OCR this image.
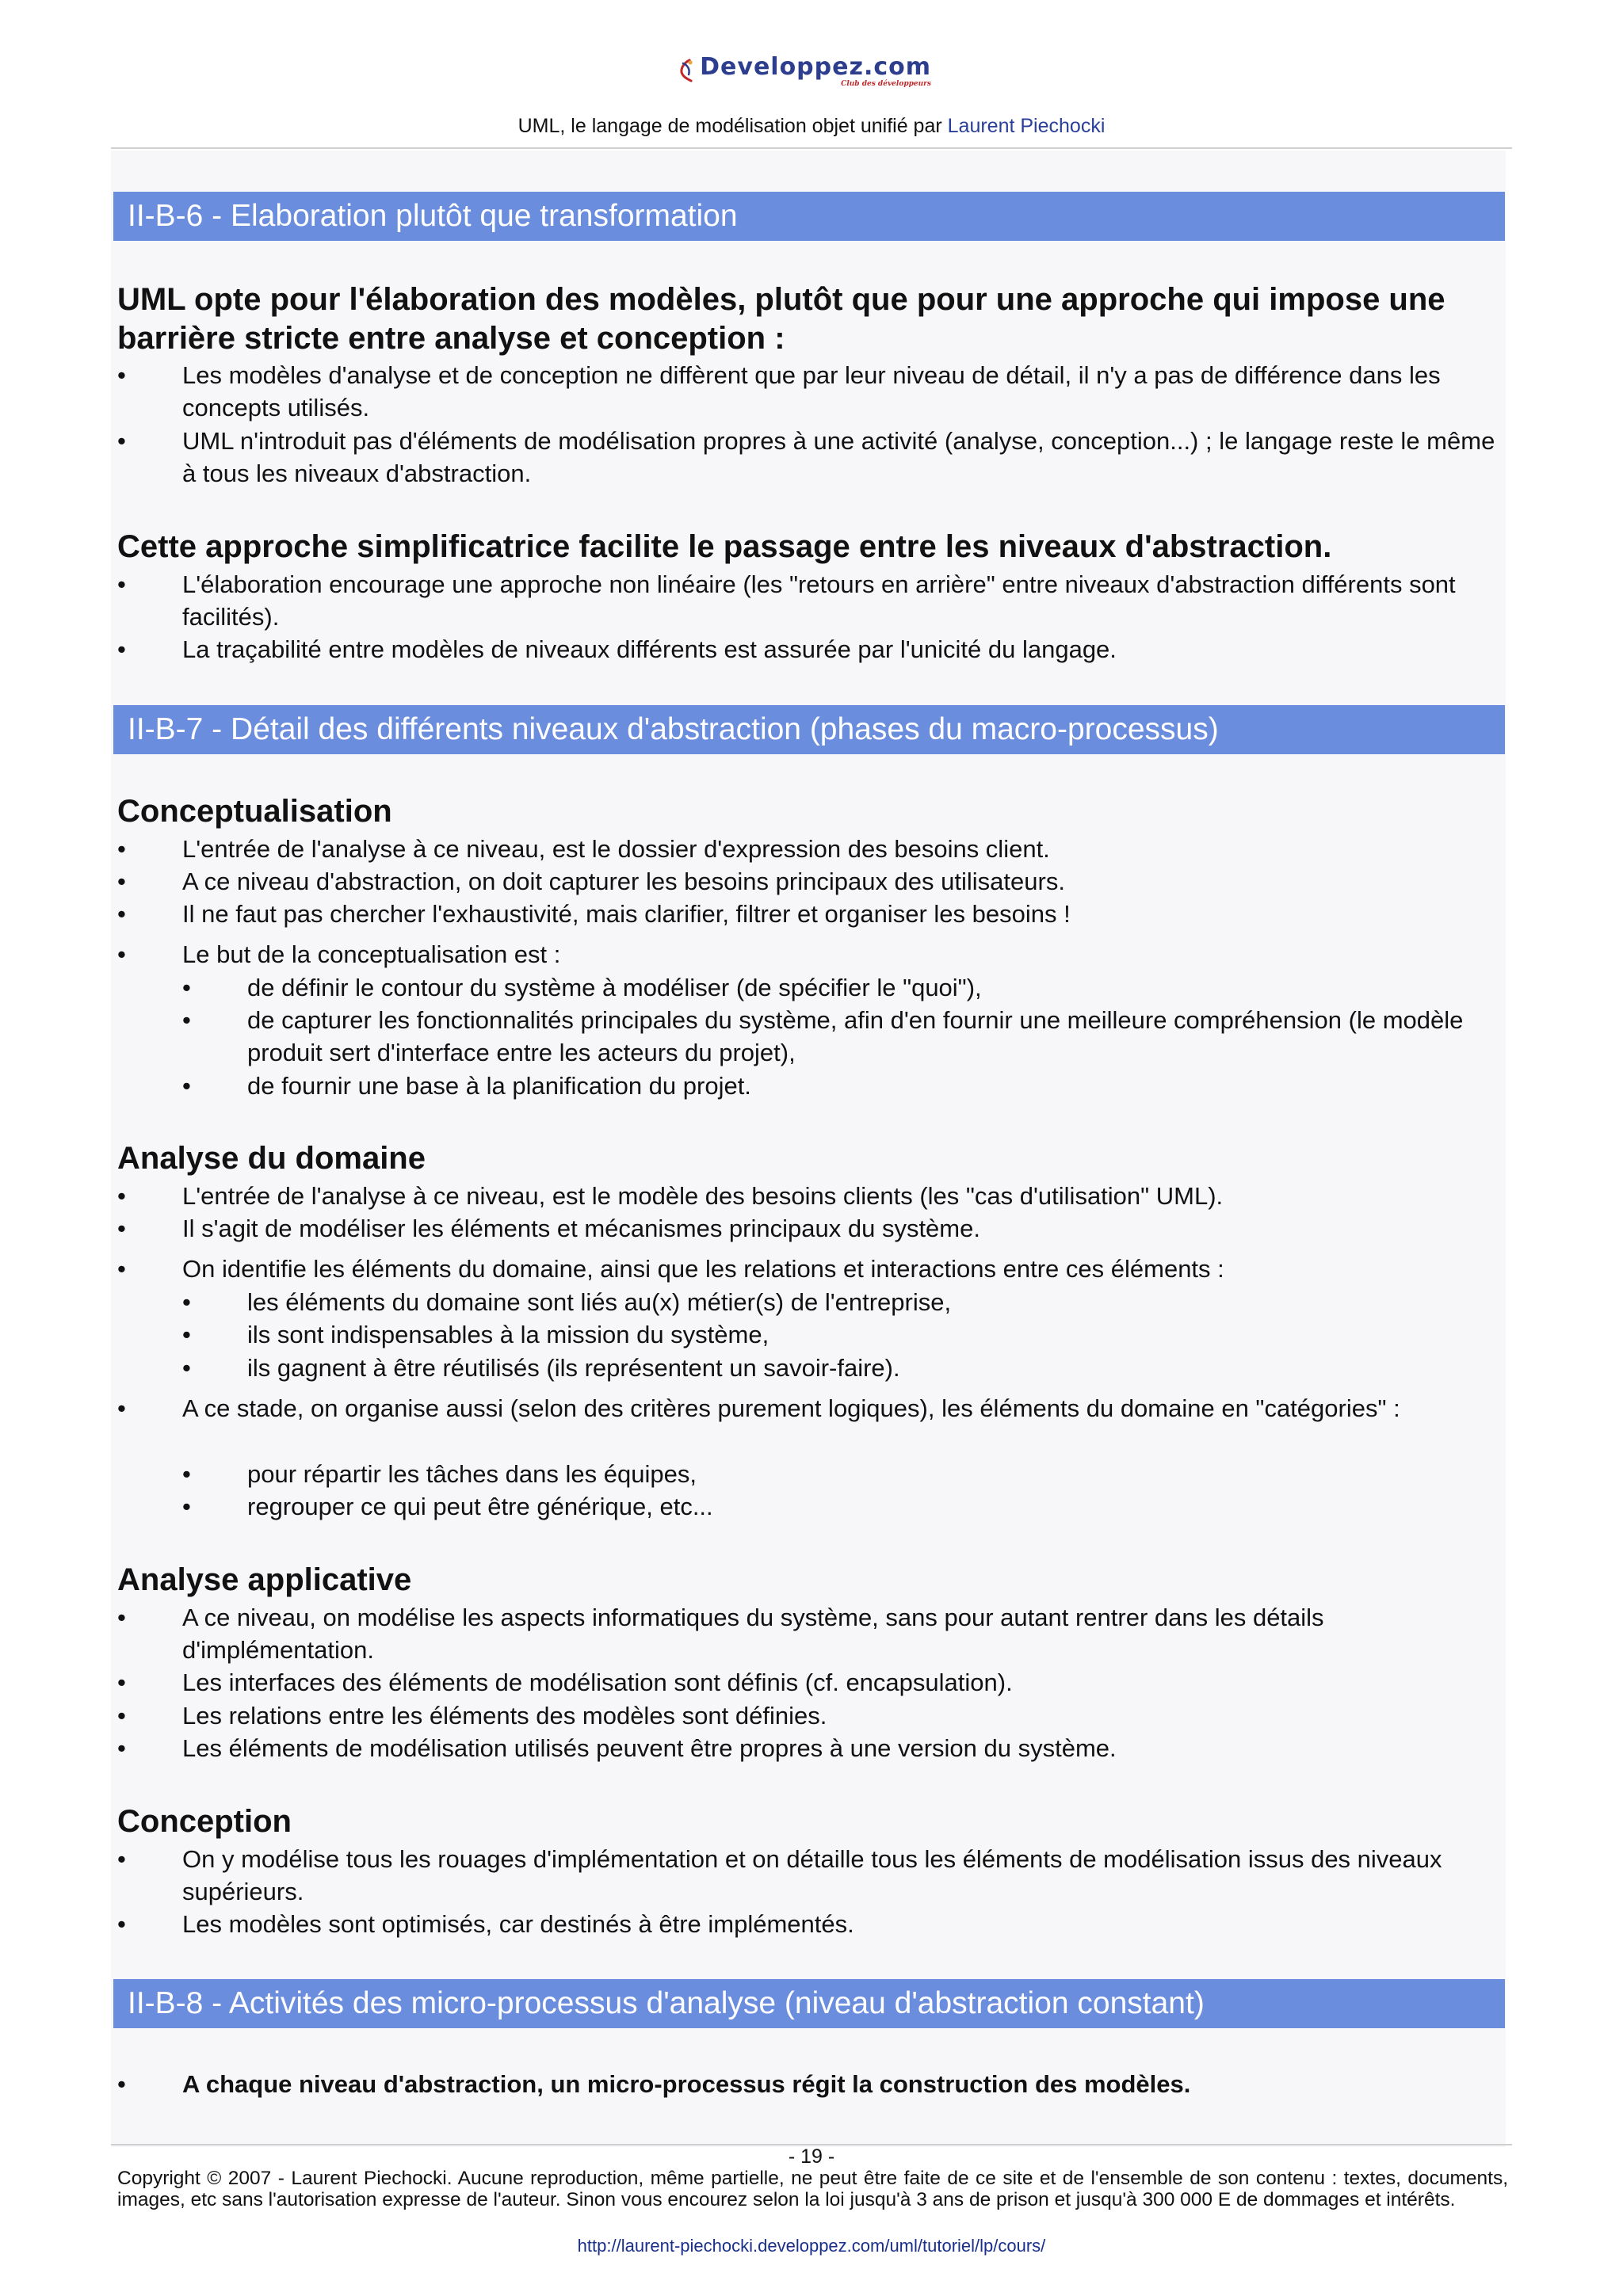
Developpez.com
Club des développeurs
UML, le langage de modélisation objet unifié par Laurent Piechocki
II-B-6 - Elaboration plutôt que transformation
UML opte pour l'élaboration des modèles, plutôt que pour une approche qui impose une
barrière stricte entre analyse et conception :
• Les modèles d'analyse et de conception ne diffèrent que par leur niveau de détail, il n'y a pas de différence dans les concepts utilisés.
• UML n'introduit pas d'éléments de modélisation propres à une activité (analyse, conception...) ; le langage reste le même à tous les niveaux d'abstraction.
Cette approche simplificatrice facilite le passage entre les niveaux d'abstraction.
• L'élaboration encourage une approche non linéaire (les "retours en arrière" entre niveaux d'abstraction différents sont facilités).
• La traçabilité entre modèles de niveaux différents est assurée par l'unicité du langage.
II-B-7 - Détail des différents niveaux d'abstraction (phases du macro-processus)
Conceptualisation
• L'entrée de l'analyse à ce niveau, est le dossier d'expression des besoins client.
• A ce niveau d'abstraction, on doit capturer les besoins principaux des utilisateurs.
• Il ne faut pas chercher l'exhaustivité, mais clarifier, filtrer et organiser les besoins !
• Le but de la conceptualisation est :
• de définir le contour du système à modéliser (de spécifier le "quoi"),
• de capturer les fonctionnalités principales du système, afin d'en fournir une meilleure compréhension (le modèle produit sert d'interface entre les acteurs du projet),
• de fournir une base à la planification du projet.
Analyse du domaine
• L'entrée de l'analyse à ce niveau, est le modèle des besoins clients (les "cas d'utilisation" UML).
• Il s'agit de modéliser les éléments et mécanismes principaux du système.
• On identifie les éléments du domaine, ainsi que les relations et interactions entre ces éléments :
• les éléments du domaine sont liés au(x) métier(s) de l'entreprise,
• ils sont indispensables à la mission du système,
• ils gagnent à être réutilisés (ils représentent un savoir-faire).
• A ce stade, on organise aussi (selon des critères purement logiques), les éléments du domaine en "catégories" :
• pour répartir les tâches dans les équipes,
• regrouper ce qui peut être générique, etc...
Analyse applicative
• A ce niveau, on modélise les aspects informatiques du système, sans pour autant rentrer dans les détails d'implémentation.
• Les interfaces des éléments de modélisation sont définis (cf. encapsulation).
• Les relations entre les éléments des modèles sont définies.
• Les éléments de modélisation utilisés peuvent être propres à une version du système.
Conception
• On y modélise tous les rouages d'implémentation et on détaille tous les éléments de modélisation issus des niveaux supérieurs.
• Les modèles sont optimisés, car destinés à être implémentés.
II-B-8 - Activités des micro-processus d'analyse (niveau d'abstraction constant)
• A chaque niveau d'abstraction, un micro-processus régit la construction des modèles.
- 19 -
Copyright © 2007 - Laurent Piechocki. Aucune reproduction, même partielle, ne peut être faite de ce site et de l'ensemble de son contenu : textes, documents, images, etc sans l'autorisation expresse de l'auteur. Sinon vous encourez selon la loi jusqu'à 3 ans de prison et jusqu'à 300 000 E de dommages et intérêts.
http://laurent-piechocki.developpez.com/uml/tutoriel/lp/cours/
